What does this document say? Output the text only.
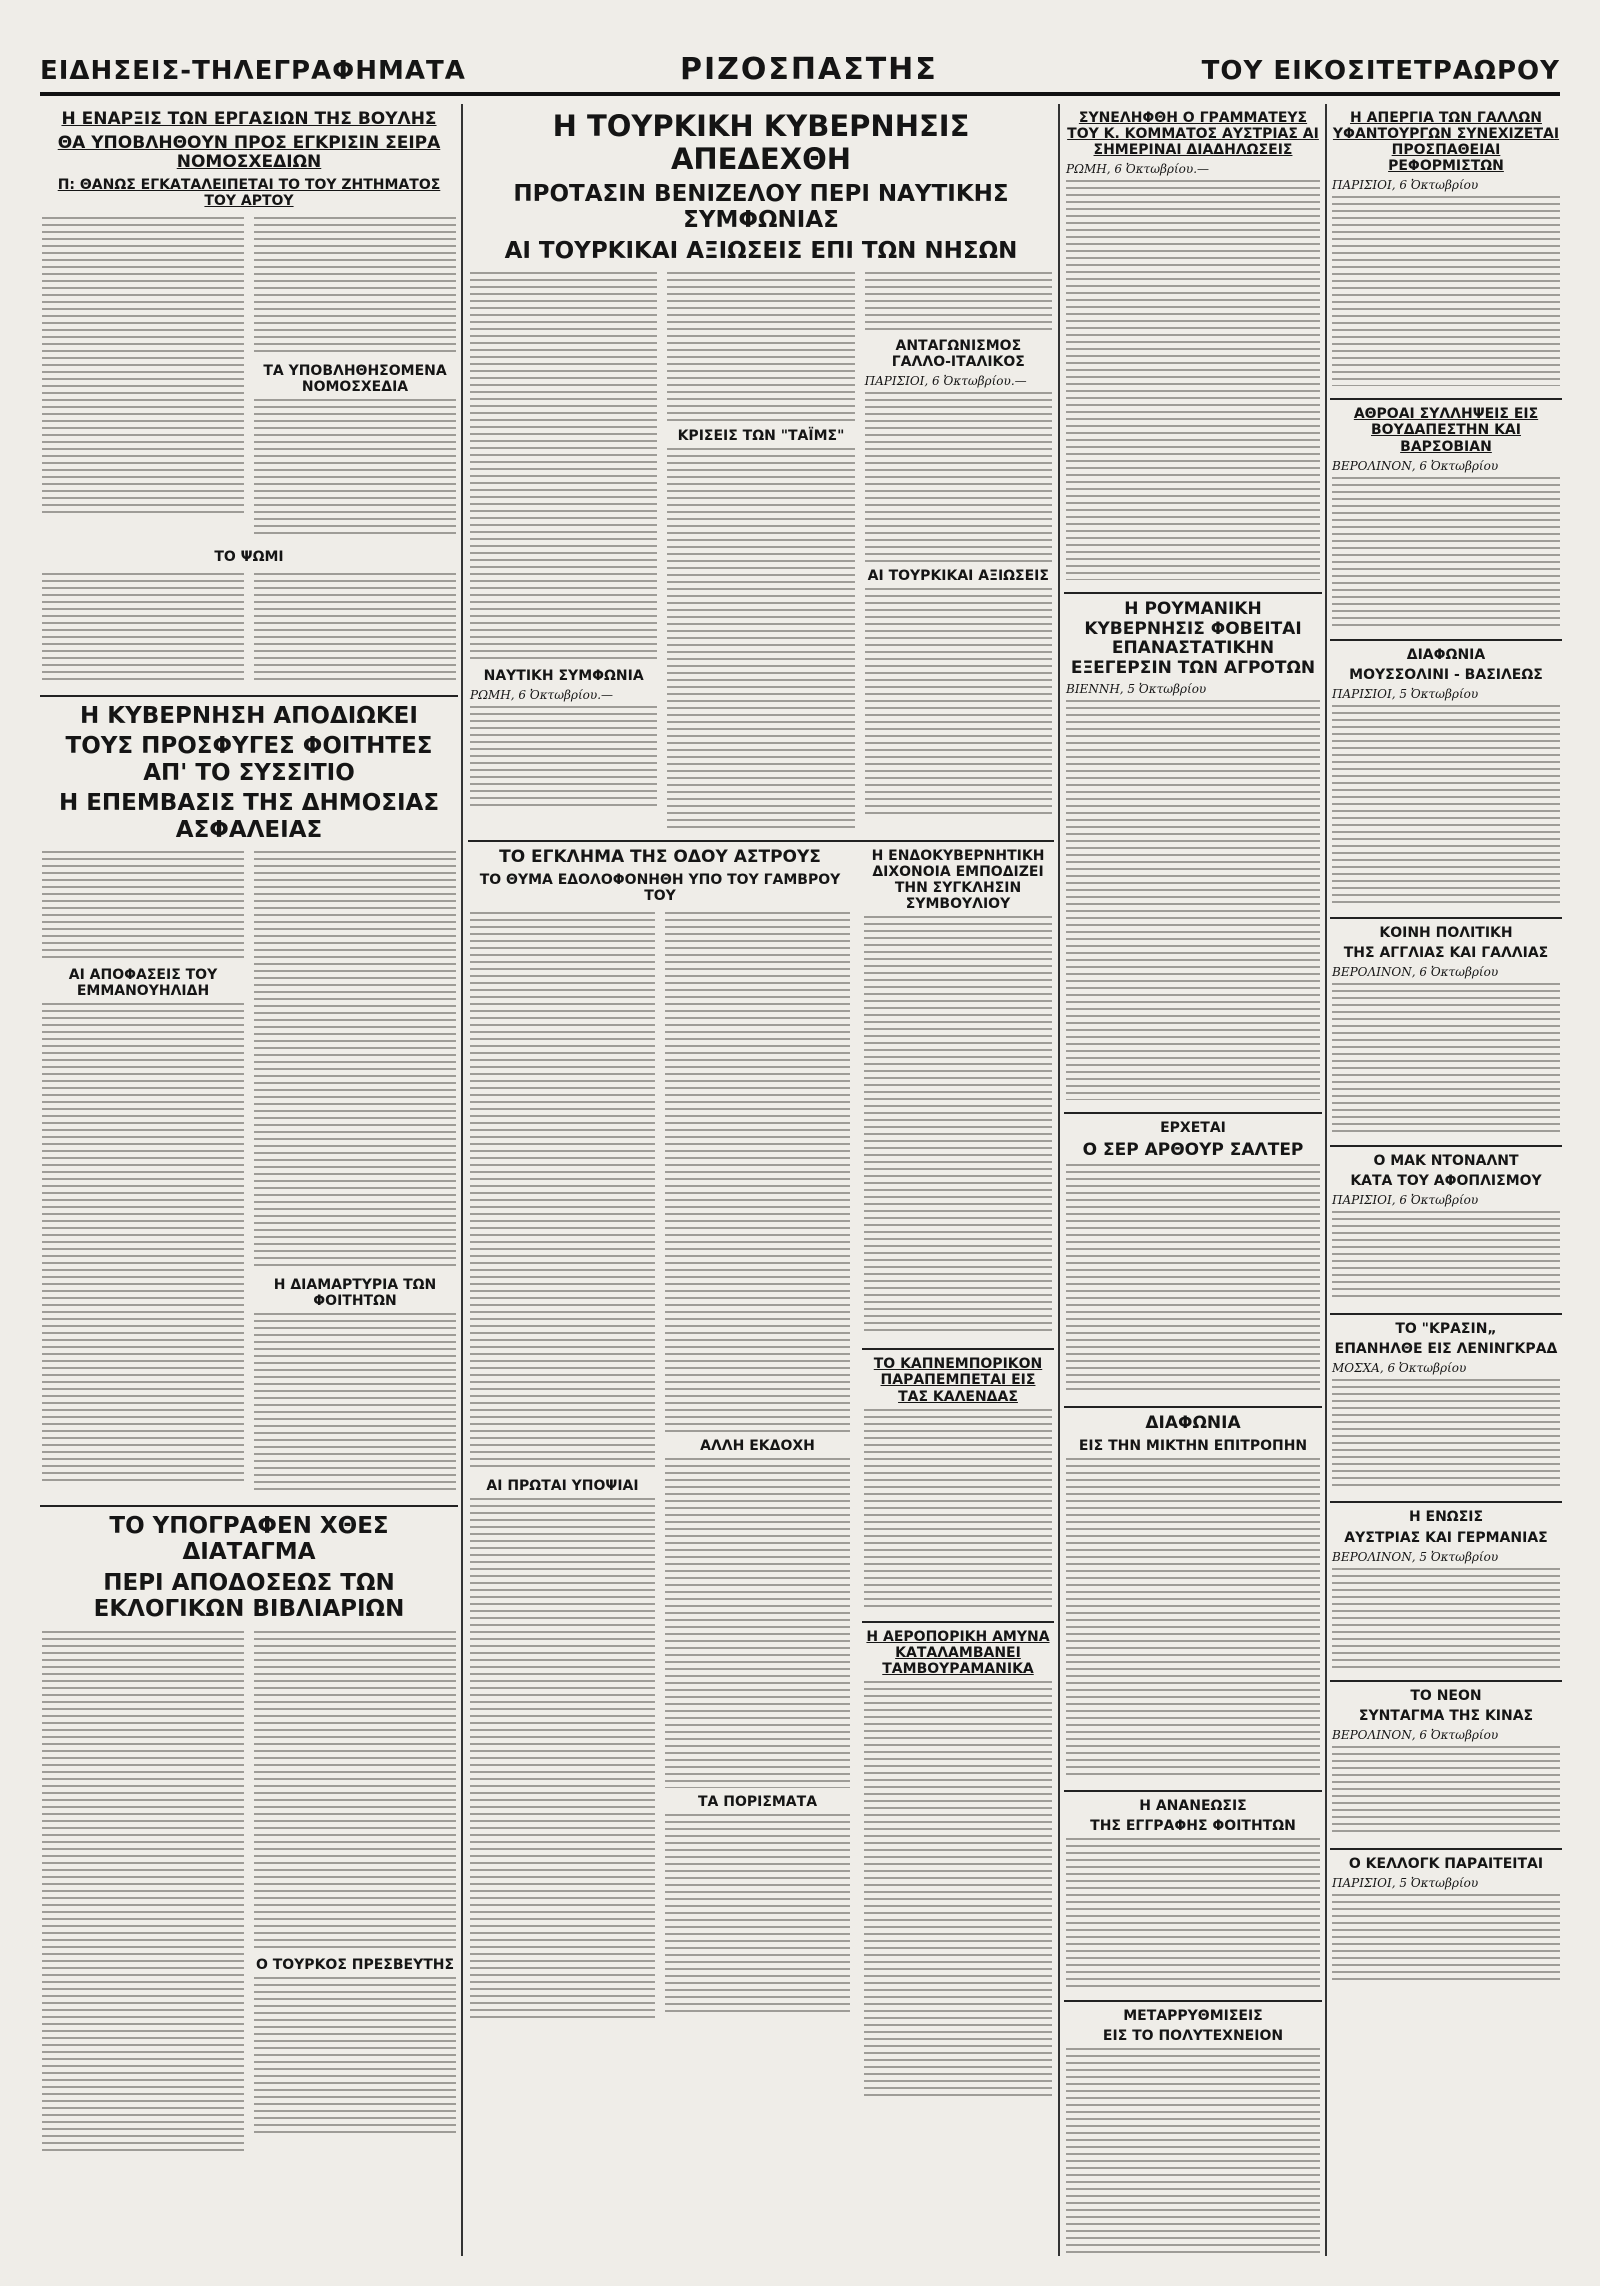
ΕΙΔΗΣΕΙΣ-ΤΗΛΕΓΡΑΦΗΜΑΤΑ	ΡΙΖΟΣΠΑΣΤΗΣ	ΤΟΥ ΕΙΚΟΣΙΤΕΤΡΑΩΡΟΥ
Η ΕΝΑΡΞΙΣ ΤΩΝ ΕΡΓΑΣΙΩΝ ΤΗΣ ΒΟΥΛΗΣ
ΘΑ ΥΠΟΒΛΗΘΟΥΝ ΠΡΟΣ ΕΓΚΡΙΣΙΝ ΣΕΙΡΑ ΝΟΜΟΣΧΕΔΙΩΝ
Π: ΘΑΝΩΣ ΕΓΚΑΤΑΛΕΙΠΕΤΑΙ ΤΟ ΤΟΥ ΖΗΤΗΜΑΤΟΣ ΤΟΥ ΑΡΤΟΥ
ΤΑ ΥΠΟΒΛΗΘΗΣΟΜΕΝΑ ΝΟΜΟΣΧΕΔΙΑ
ΤΟ ΨΩΜΙ
Η ΚΥΒΕΡΝΗΣΗ ΑΠΟΔΙΩΚΕΙ
ΤΟΥΣ ΠΡΟΣΦΥΓΕΣ ΦΟΙΤΗΤΕΣ ΑΠ' ΤΟ ΣΥΣΣΙΤΙΟ
Η ΕΠΕΜΒΑΣΙΣ ΤΗΣ ΔΗΜΟΣΙΑΣ ΑΣΦΑΛΕΙΑΣ
ΑΙ ΑΠΟΦΑΣΕΙΣ ΤΟΥ ΕΜΜΑΝΟΥΗΛΙΔΗ
Η ΔΙΑΜΑΡΤΥΡΙΑ ΤΩΝ ΦΟΙΤΗΤΩΝ
ΤΟ ΥΠΟΓΡΑΦΕΝ ΧΘΕΣ ΔΙΑΤΑΓΜΑ
ΠΕΡΙ ΑΠΟΔΟΣΕΩΣ ΤΩΝ ΕΚΛΟΓΙΚΩΝ ΒΙΒΛΙΑΡΙΩΝ
Ο ΤΟΥΡΚΟΣ ΠΡΕΣΒΕΥΤΗΣ
Η ΤΟΥΡΚΙΚΗ ΚΥΒΕΡΝΗΣΙΣ ΑΠΕΔΕΧΘΗ
ΠΡΟΤΑΣΙΝ ΒΕΝΙΖΕΛΟΥ ΠΕΡΙ ΝΑΥΤΙΚΗΣ ΣΥΜΦΩΝΙΑΣ
ΑΙ ΤΟΥΡΚΙΚΑΙ ΑΞΙΩΣΕΙΣ ΕΠΙ ΤΩΝ ΝΗΣΩΝ
ΝΑΥΤΙΚΗ ΣΥΜΦΩΝΙΑ
ΡΩΜΗ, 6 Ὀκτωβρίου.—
ΚΡΙΣΕΙΣ ΤΩΝ "ΤΑΪΜΣ"
ΑΝΤΑΓΩΝΙΣΜΟΣ ΓΑΛΛΟ-ΙΤΑΛΙΚΟΣ
ΠΑΡΙΣΙΟΙ, 6 Ὀκτωβρίου.—
ΑΙ ΤΟΥΡΚΙΚΑΙ ΑΞΙΩΣΕΙΣ
ΤΟ ΕΓΚΛΗΜΑ ΤΗΣ ΟΔΟΥ ΑΣΤΡΟΥΣ
ΤΟ ΘΥΜΑ ΕΔΟΛΟΦΟΝΗΘΗ ΥΠΟ ΤΟΥ ΓΑΜΒΡΟΥ ΤΟΥ
ΑΙ ΠΡΩΤΑΙ ΥΠΟΨΙΑΙ
ΑΛΛΗ ΕΚΔΟΧΗ
ΤΑ ΠΟΡΙΣΜΑΤΑ
Η ΕΝΔΟΚΥΒΕΡΝΗΤΙΚΗ ΔΙΧΟΝΟΙΑ ΕΜΠΟΔΙΖΕΙ ΤΗΝ ΣΥΓΚΛΗΣΙΝ ΣΥΜΒΟΥΛΙΟΥ
ΤΟ ΚΑΠΝΕΜΠΟΡΙΚΟΝ ΠΑΡΑΠΕΜΠΕΤΑΙ ΕΙΣ ΤΑΣ ΚΑΛΕΝΔΑΣ
Η ΑΕΡΟΠΟΡΙΚΗ ΑΜΥΝΑ ΚΑΤΑΛΑΜΒΑΝΕΙ ΤΑΜΒΟΥΡΑΜΑΝΙΚΑ
ΣΥΝΕΛΗΦΘΗ Ο ΓΡΑΜΜΑΤΕΥΣ ΤΟΥ Κ. ΚΟΜΜΑΤΟΣ ΑΥΣΤΡΙΑΣ ΑΙ ΣΗΜΕΡΙΝΑΙ ΔΙΑΔΗΛΩΣΕΙΣ
ΡΩΜΗ, 6 Ὀκτωβρίου.—
Η ΡΟΥΜΑΝΙΚΗ ΚΥΒΕΡΝΗΣΙΣ ΦΟΒΕΙΤΑΙ ΕΠΑΝΑΣΤΑΤΙΚΗΝ ΕΞΕΓΕΡΣΙΝ ΤΩΝ ΑΓΡΟΤΩΝ
ΒΙΕΝΝΗ, 5 Ὀκτωβρίου
ΕΡΧΕΤΑΙ
Ο ΣΕΡ ΑΡΘΟΥΡ ΣΑΛΤΕΡ
ΔΙΑΦΩΝΙΑ
ΕΙΣ ΤΗΝ ΜΙΚΤΗΝ ΕΠΙΤΡΟΠΗΝ
Η ΑΝΑΝΕΩΣΙΣ
ΤΗΣ ΕΓΓΡΑΦΗΣ ΦΟΙΤΗΤΩΝ
ΜΕΤΑΡΡΥΘΜΙΣΕΙΣ
ΕΙΣ ΤΟ ΠΟΛΥΤΕΧΝΕΙΟΝ
Η ΑΠΕΡΓΙΑ ΤΩΝ ΓΑΛΛΩΝ ΥΦΑΝΤΟΥΡΓΩΝ ΣΥΝΕΧΙΖΕΤΑΙ ΠΡΟΣΠΑΘΕΙΑΙ ΡΕΦΟΡΜΙΣΤΩΝ
ΠΑΡΙΣΙΟΙ, 6 Ὀκτωβρίου
ΑΘΡΟΑΙ ΣΥΛΛΗΨΕΙΣ ΕΙΣ ΒΟΥΔΑΠΕΣΤΗΝ ΚΑΙ ΒΑΡΣΟΒΙΑΝ
ΒΕΡΟΛΙΝΟΝ, 6 Ὀκτωβρίου
ΔΙΑΦΩΝΙΑ
ΜΟΥΣΣΟΛΙΝΙ - ΒΑΣΙΛΕΩΣ
ΠΑΡΙΣΙΟΙ, 5 Ὀκτωβρίου
ΚΟΙΝΗ ΠΟΛΙΤΙΚΗ
ΤΗΣ ΑΓΓΛΙΑΣ ΚΑΙ ΓΑΛΛΙΑΣ
ΒΕΡΟΛΙΝΟΝ, 6 Ὀκτωβρίου
Ο ΜΑΚ ΝΤΟΝΑΛΝΤ
ΚΑΤΑ ΤΟΥ ΑΦΟΠΛΙΣΜΟΥ
ΠΑΡΙΣΙΟΙ, 6 Ὀκτωβρίου
ΤΟ "ΚΡΑΣΙΝ„
ΕΠΑΝΗΛΘΕ ΕΙΣ ΛΕΝΙΝΓΚΡΑΔ
ΜΟΣΧΑ, 6 Ὀκτωβρίου
Η ΕΝΩΣΙΣ
ΑΥΣΤΡΙΑΣ ΚΑΙ ΓΕΡΜΑΝΙΑΣ
ΒΕΡΟΛΙΝΟΝ, 5 Ὀκτωβρίου
ΤΟ ΝΕΟΝ
ΣΥΝΤΑΓΜΑ ΤΗΣ ΚΙΝΑΣ
ΒΕΡΟΛΙΝΟΝ, 6 Ὀκτωβρίου
Ο ΚΕΛΛΟΓΚ ΠΑΡΑΙΤΕΙΤΑΙ
ΠΑΡΙΣΙΟΙ, 5 Ὀκτωβρίου
